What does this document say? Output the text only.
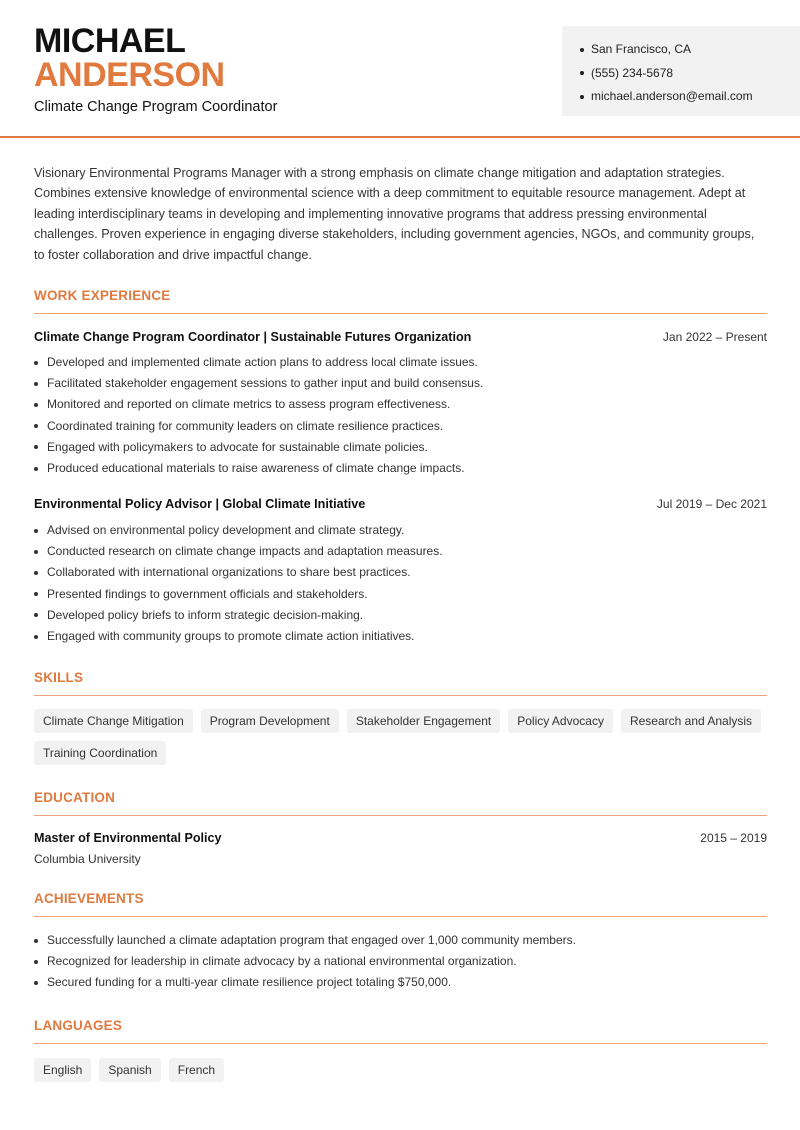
MICHAEL
ANDERSON
Climate Change Program Coordinator
San Francisco, CA
(555) 234-5678
michael.anderson@email.com

Visionary Environmental Programs Manager with a strong emphasis on climate change mitigation and adaptation strategies. Combines extensive knowledge of environmental science with a deep commitment to equitable resource management. Adept at leading interdisciplinary teams in developing and implementing innovative programs that address pressing environmental challenges. Proven experience in engaging diverse stakeholders, including government agencies, NGOs, and community groups, to foster collaboration and drive impactful change.

WORK EXPERIENCE
Climate Change Program Coordinator | Sustainable Futures Organization	Jan 2022 – Present
Developed and implemented climate action plans to address local climate issues.
Facilitated stakeholder engagement sessions to gather input and build consensus.
Monitored and reported on climate metrics to assess program effectiveness.
Coordinated training for community leaders on climate resilience practices.
Engaged with policymakers to advocate for sustainable climate policies.
Produced educational materials to raise awareness of climate change impacts.
Environmental Policy Advisor | Global Climate Initiative	Jul 2019 – Dec 2021
Advised on environmental policy development and climate strategy.
Conducted research on climate change impacts and adaptation measures.
Collaborated with international organizations to share best practices.
Presented findings to government officials and stakeholders.
Developed policy briefs to inform strategic decision-making.
Engaged with community groups to promote climate action initiatives.
SKILLS
Climate Change Mitigation	Program Development	Stakeholder Engagement	Policy Advocacy	Research and Analysis
Training Coordination
EDUCATION
Master of Environmental Policy	2015 – 2019
Columbia University
ACHIEVEMENTS
Successfully launched a climate adaptation program that engaged over 1,000 community members.
Recognized for leadership in climate advocacy by a national environmental organization.
Secured funding for a multi-year climate resilience project totaling $750,000.
LANGUAGES
English	Spanish	French
